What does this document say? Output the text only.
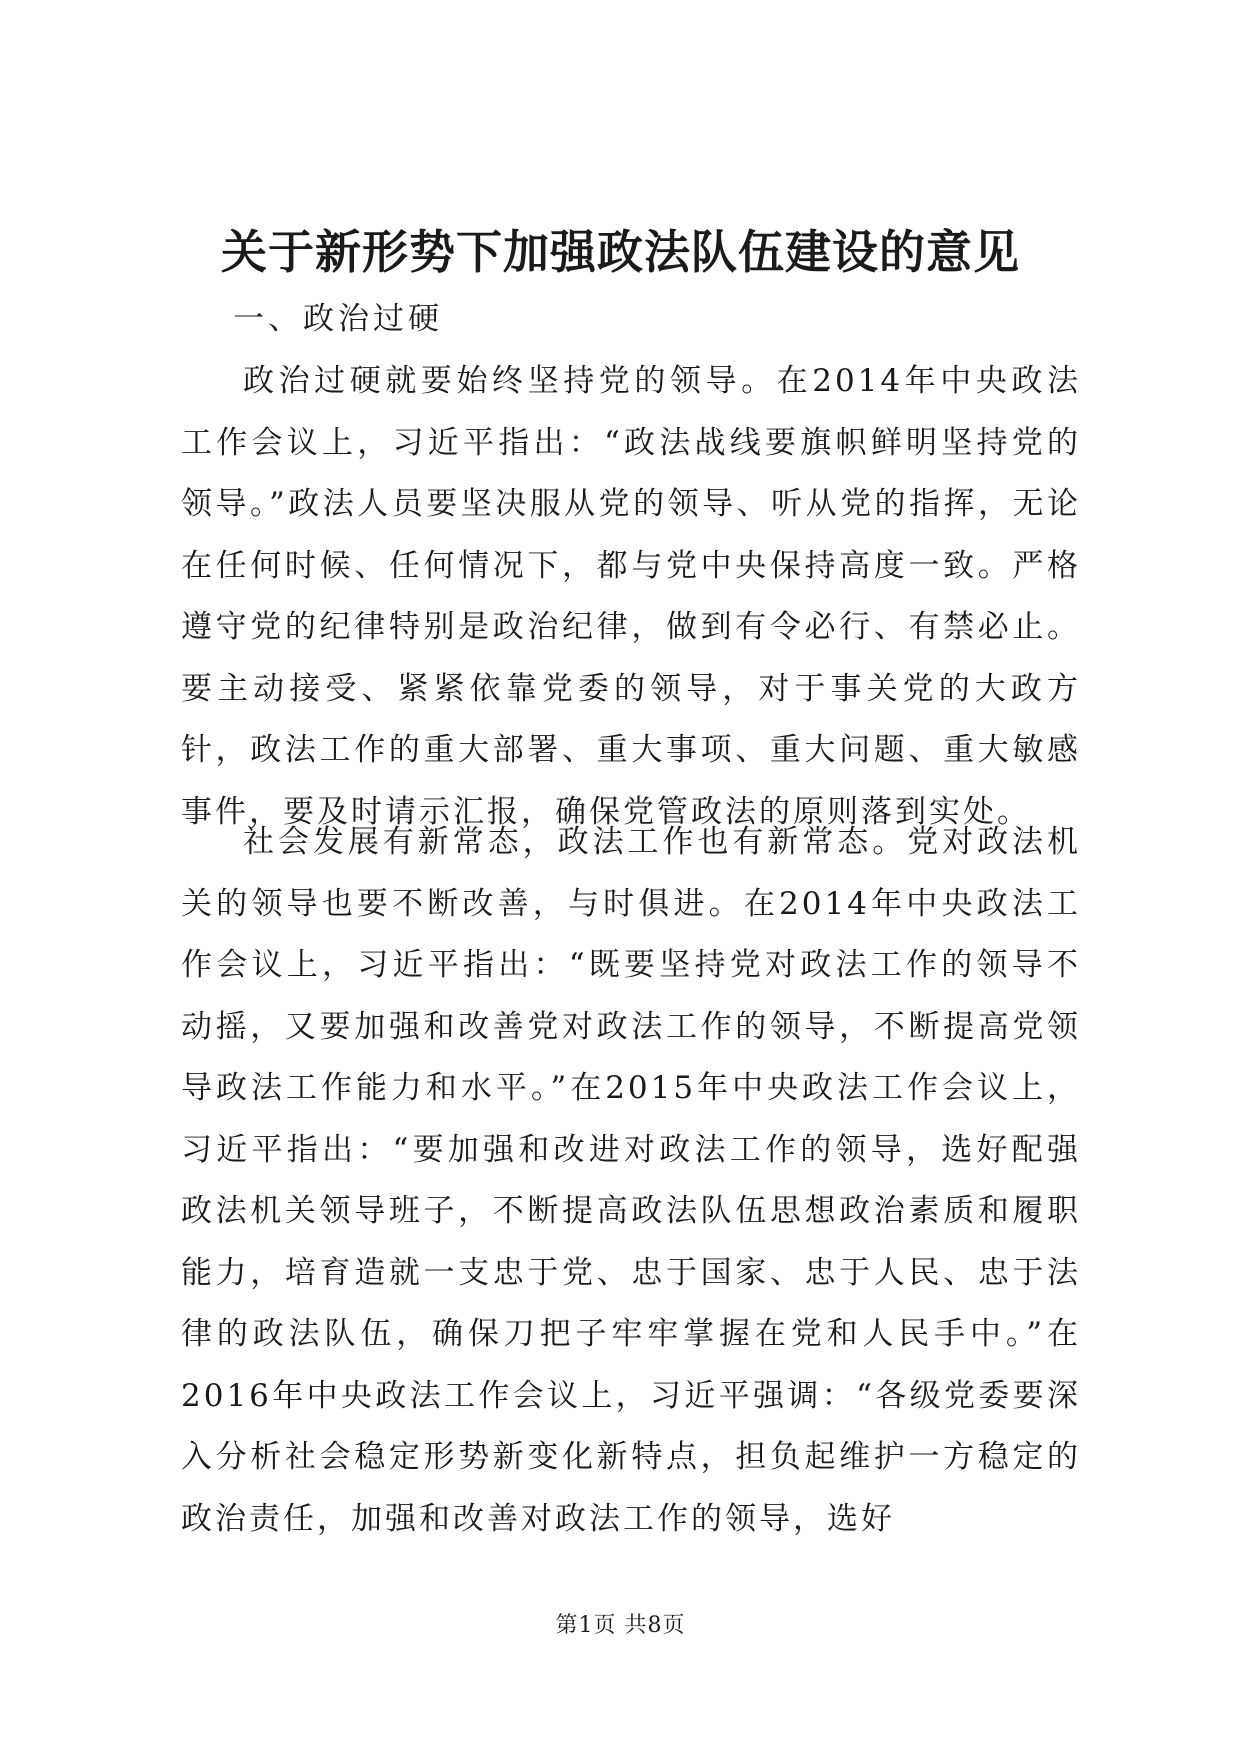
关于新形势下加强政法队伍建设的意见
一、政治过硬

政治过硬就要始终坚持党的领导。在2014年中央政法工作会议上，习近平指出：“政法战线要旗帜鲜明坚持党的领导。”政法人员要坚决服从党的领导、听从党的指挥，无论在任何时候、任何情况下，都与党中央保持高度一致。严格遵守党的纪律特别是政治纪律，做到有令必行、有禁必止。要主动接受、紧紧依靠党委的领导，对于事关党的大政方针，政法工作的重大部署、重大事项、重大问题、重大敏感事件，要及时请示汇报，确保党管政法的原则落到实处。

社会发展有新常态，政法工作也有新常态。党对政法机关的领导也要不断改善，与时俱进。在2014年中央政法工作会议上，习近平指出：“既要坚持党对政法工作的领导不动摇，又要加强和改善党对政法工作的领导，不断提高党领导政法工作能力和水平。”在2015年中央政法工作会议上，习近平指出：“要加强和改进对政法工作的领导，选好配强政法机关领导班子，不断提高政法队伍思想政治素质和履职能力，培育造就一支忠于党、忠于国家、忠于人民、忠于法律的政法队伍，确保刀把子牢牢掌握在党和人民手中。”在2016年中央政法工作会议上，习近平强调：“各级党委要深入分析社会稳定形势新变化新特点，担负起维护一方稳定的政治责任，加强和改善对政法工作的领导，选好

第1页 共8页
